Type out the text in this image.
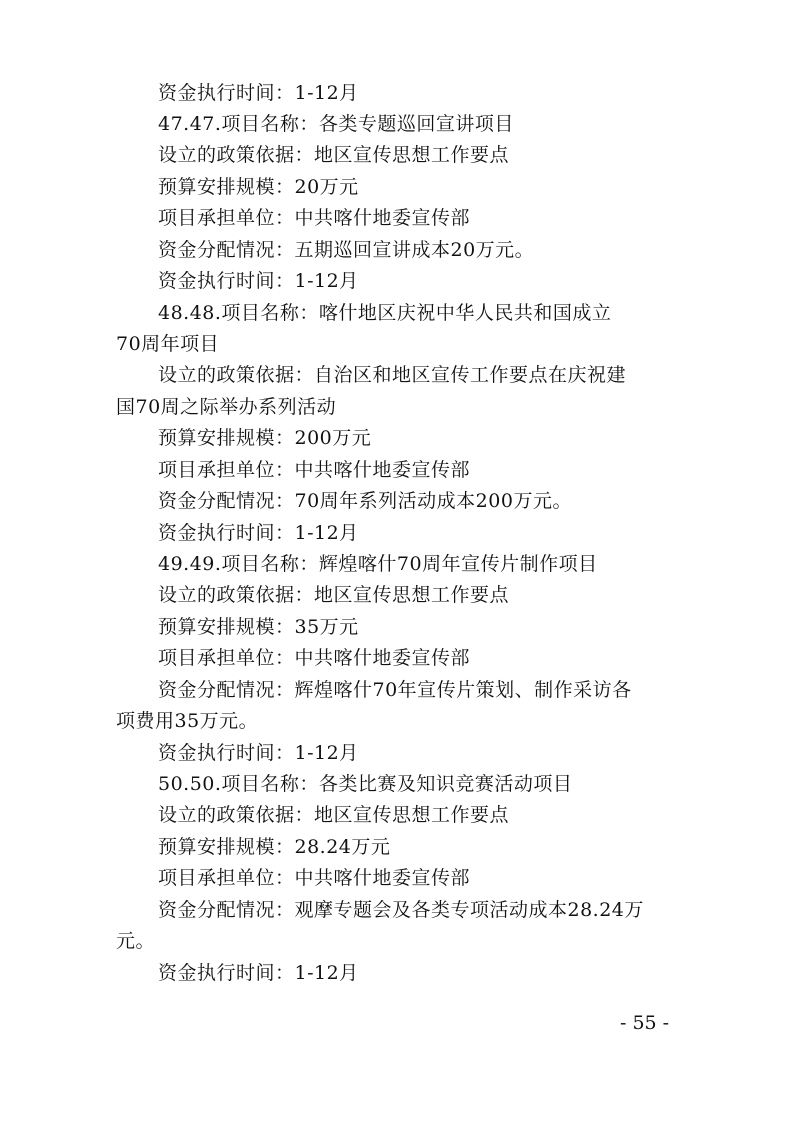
资金执行时间：1-12月
47.47.项目名称：各类专题巡回宣讲项目
设立的政策依据：地区宣传思想工作要点
预算安排规模：20万元
项目承担单位：中共喀什地委宣传部
资金分配情况：五期巡回宣讲成本20万元。
资金执行时间：1-12月
48.48.项目名称：喀什地区庆祝中华人民共和国成立
70周年项目
设立的政策依据：自治区和地区宣传工作要点在庆祝建
国70周之际举办系列活动
预算安排规模：200万元
项目承担单位：中共喀什地委宣传部
资金分配情况：70周年系列活动成本200万元。
资金执行时间：1-12月
49.49.项目名称：辉煌喀什70周年宣传片制作项目
设立的政策依据：地区宣传思想工作要点
预算安排规模：35万元
项目承担单位：中共喀什地委宣传部
资金分配情况：辉煌喀什70年宣传片策划、制作采访各
项费用35万元。
资金执行时间：1-12月
50.50.项目名称：各类比赛及知识竞赛活动项目
设立的政策依据：地区宣传思想工作要点
预算安排规模：28.24万元
项目承担单位：中共喀什地委宣传部
资金分配情况：观摩专题会及各类专项活动成本28.24万
元。
资金执行时间：1-12月
- 55 -
